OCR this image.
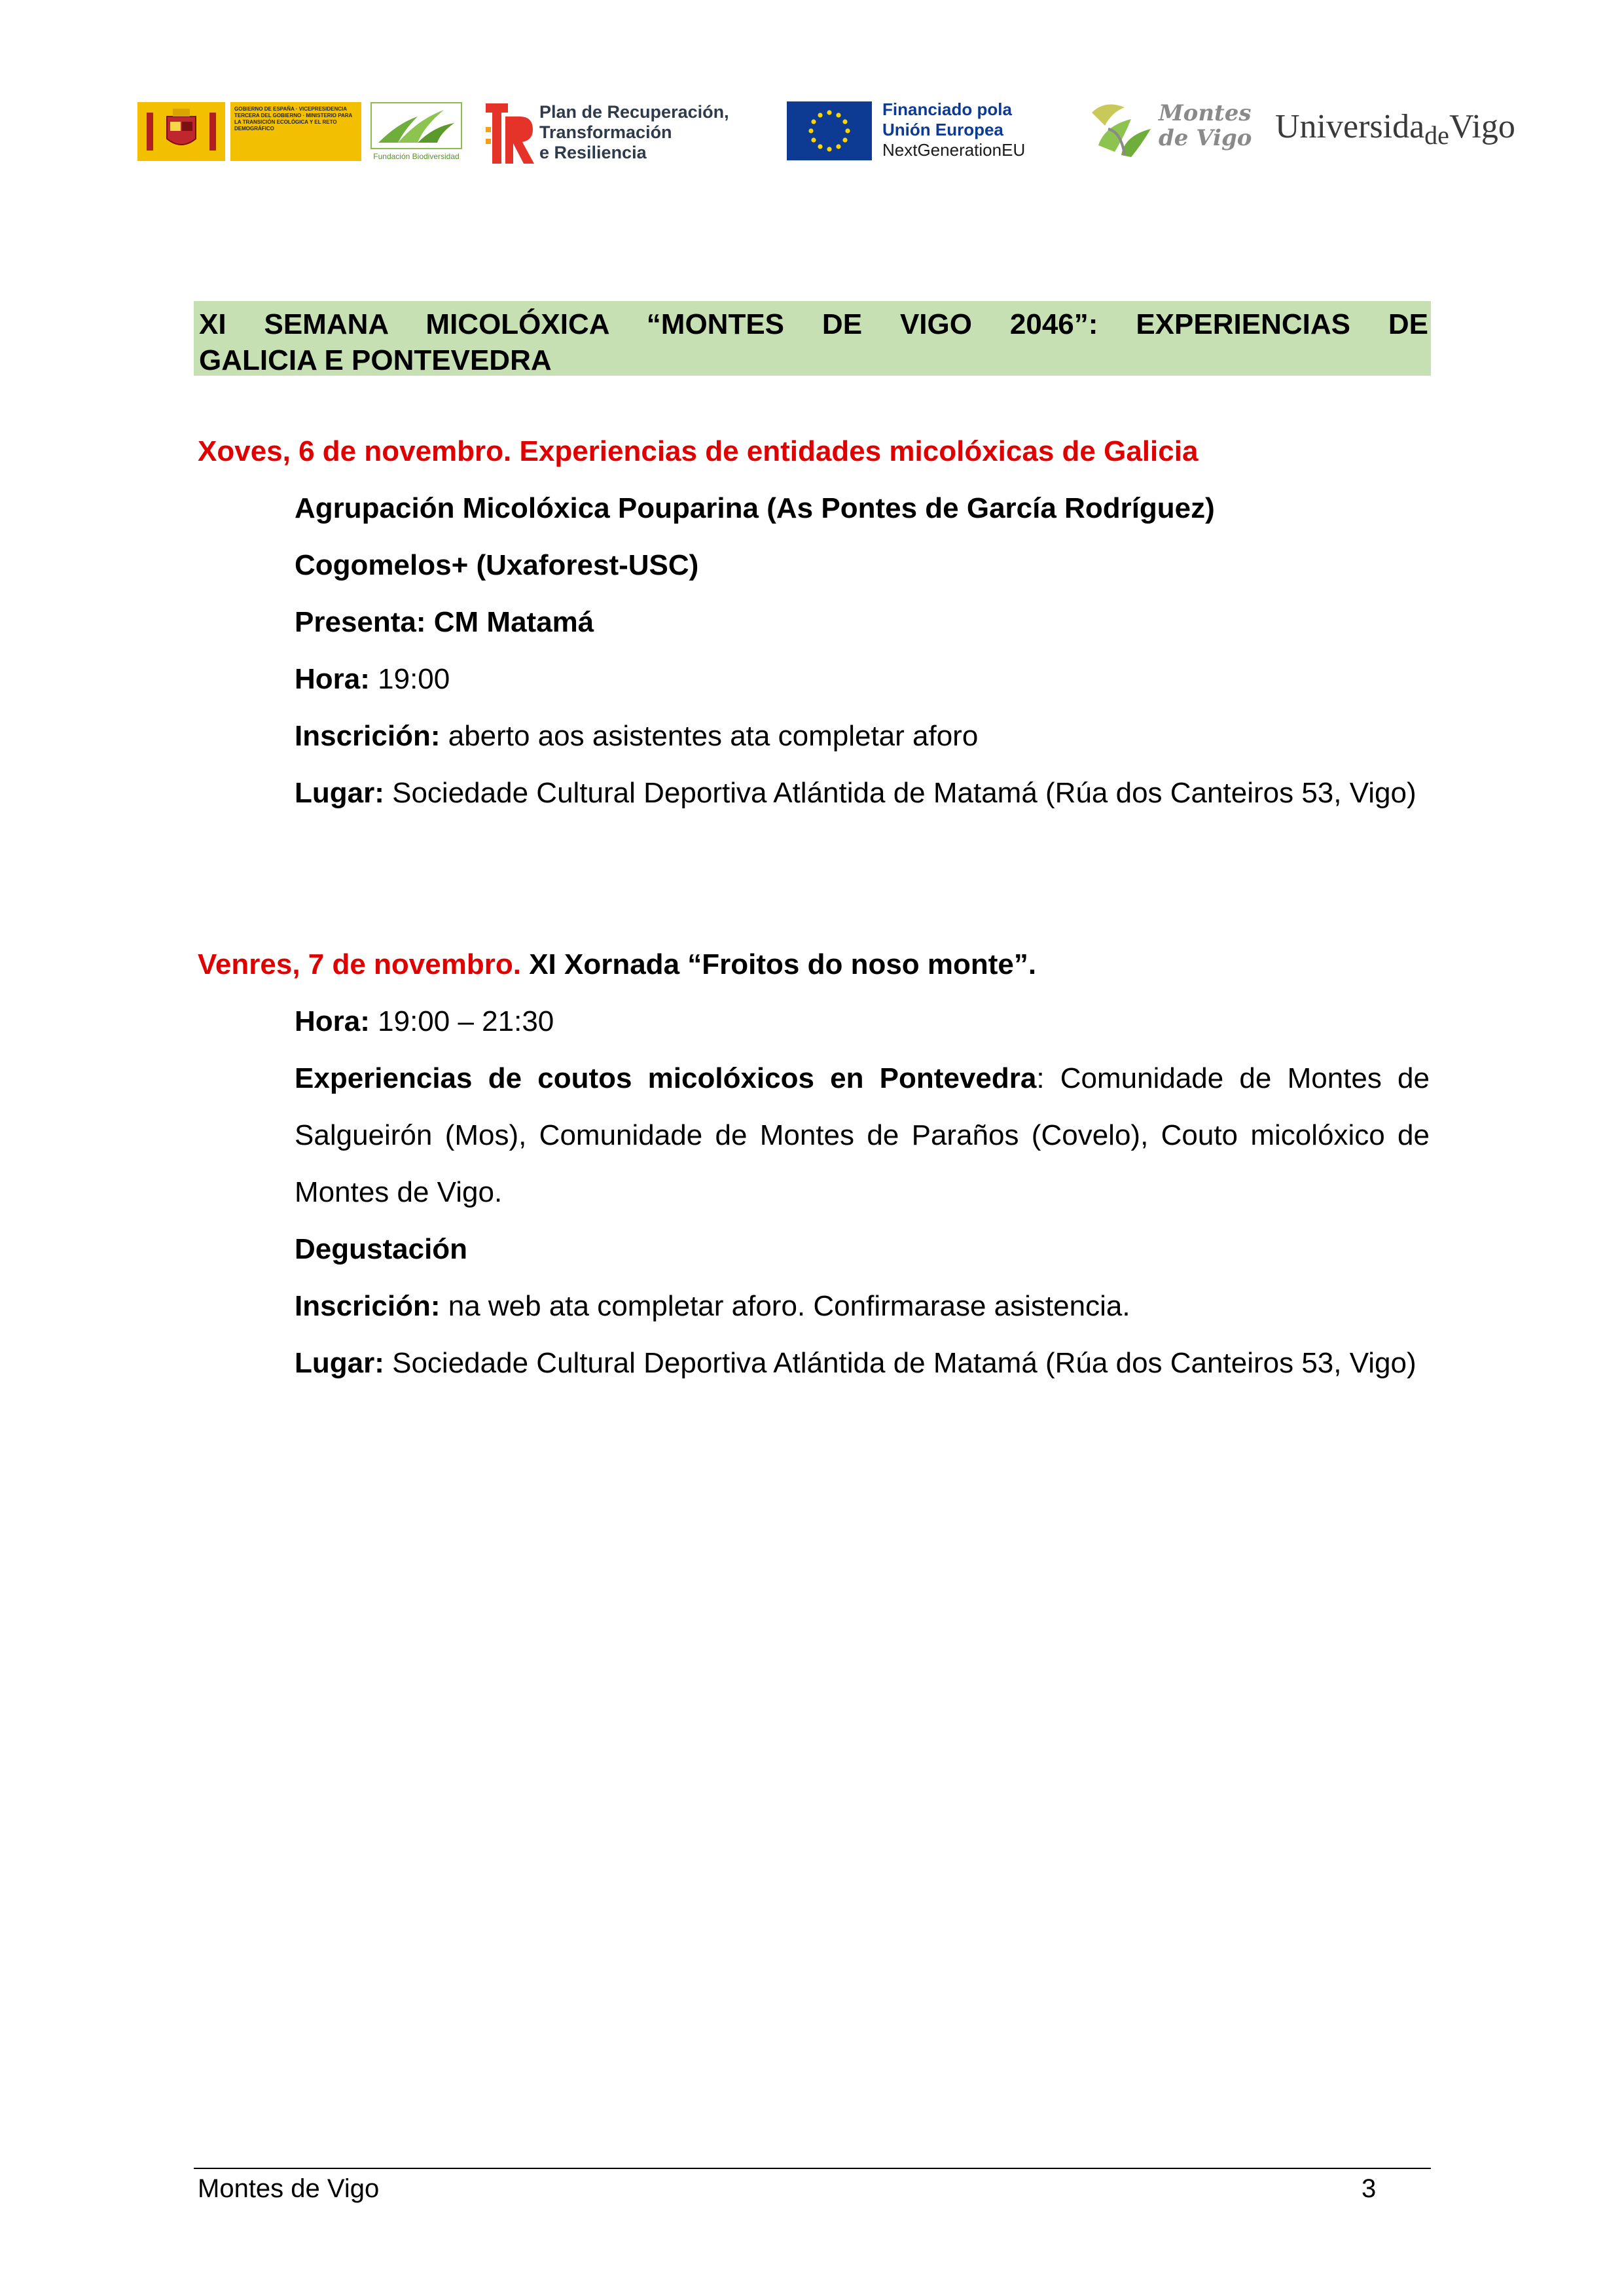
GOBIERNO DE ESPAÑA · VICEPRESIDENCIA TERCERA DEL GOBIERNO · MINISTERIO PARA LA TRANSICIÓN ECOLÓGICA Y EL RETO DEMOGRÁFICO
Fundación Biodiversidad
Plan de Recuperación,
Transformación
e Resiliencia
Financiado pola
Unión Europea
NextGenerationEU
Montes
de Vigo UniversidadeVigo

XI SEMANA MICOLÓXICA “MONTES DE VIGO 2046”: EXPERIENCIAS DE

GALICIA E PONTEVEDRA

Xoves, 6 de novembro. Experiencias de entidades micolóxicas de Galicia

Agrupación Micolóxica Pouparina (As Pontes de García Rodríguez)

Cogomelos+ (Uxaforest-USC)

Presenta: CM Matamá

Hora: 19:00

Inscrición: aberto aos asistentes ata completar aforo

Lugar: Sociedade Cultural Deportiva Atlántida de Matamá (Rúa dos Canteiros 53, Vigo)

Venres, 7 de novembro. XI Xornada “Froitos do noso monte”.

Hora: 19:00 – 21:30

Experiencias de coutos micolóxicos en Pontevedra: Comunidade de Montes de Salgueirón (Mos), Comunidade de Montes de Paraños (Covelo), Couto micolóxico de Montes de Vigo.

Degustación

Inscrición: na web ata completar aforo. Confirmarase asistencia.

Lugar: Sociedade Cultural Deportiva Atlántida de Matamá (Rúa dos Canteiros 53, Vigo)

Montes de Vigo	3
